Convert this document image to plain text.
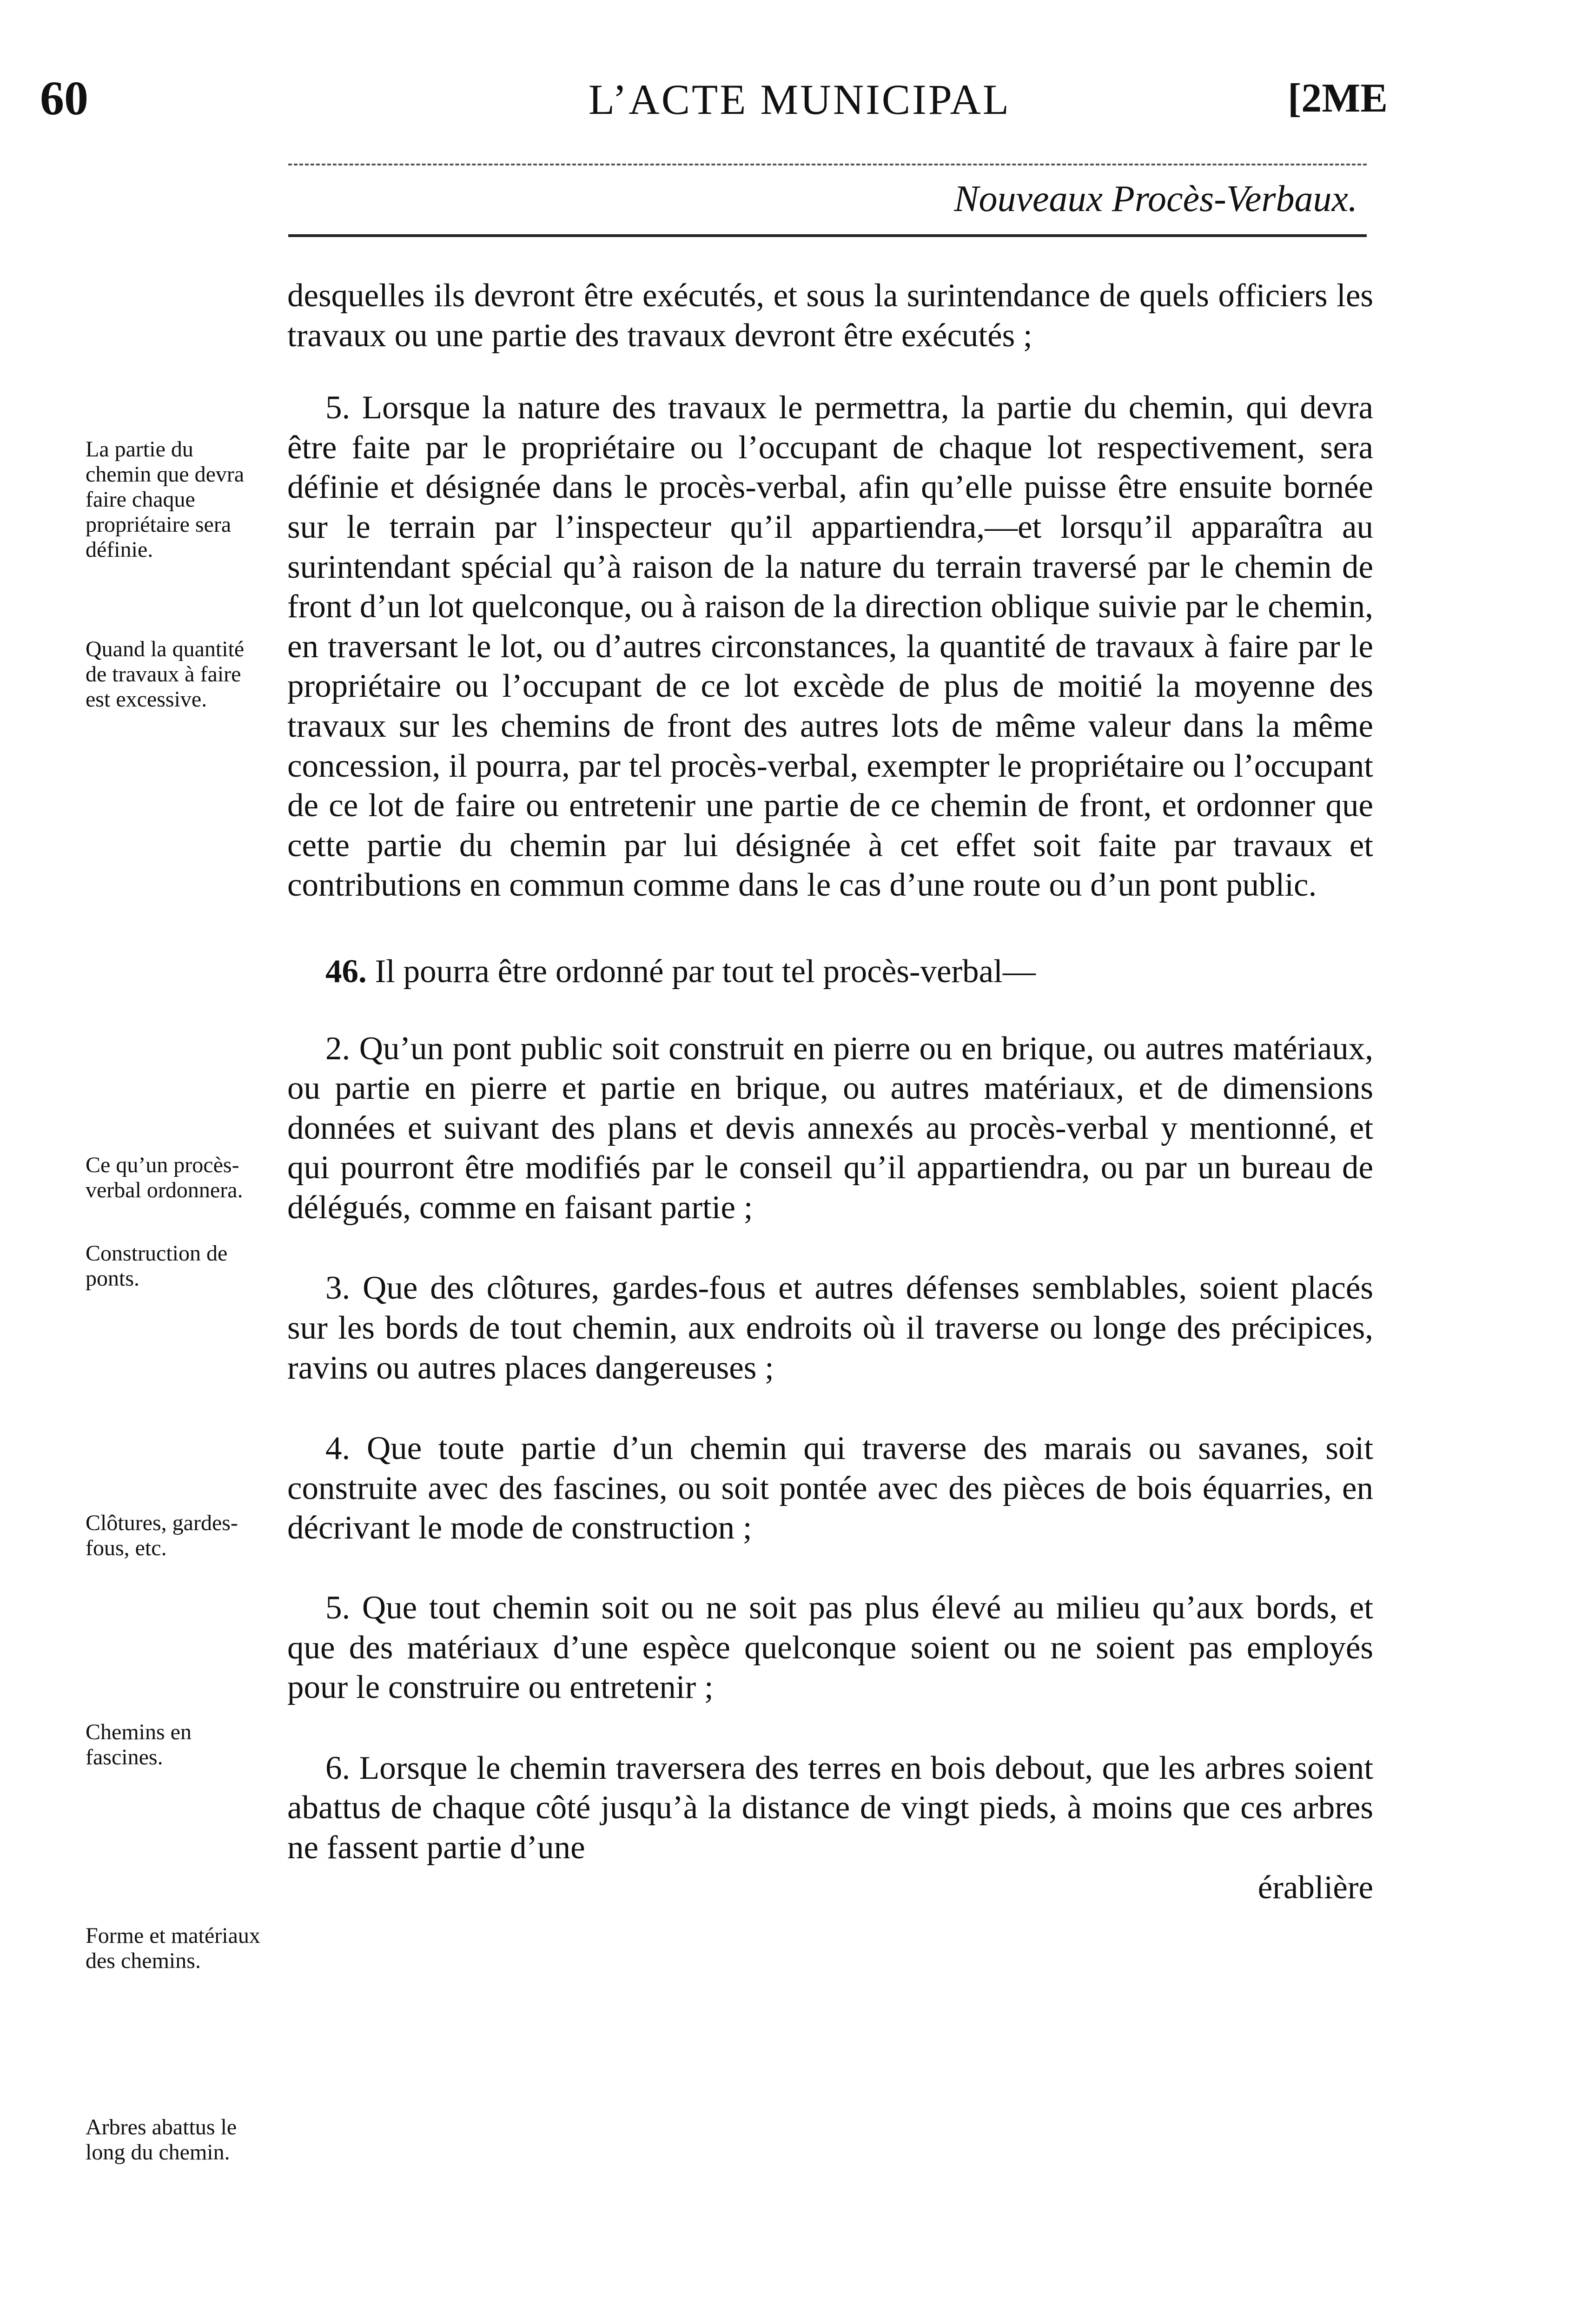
60	L’ACTE MUNICIPAL	[2ME
Nouveaux Procès-Verbaux.

desquelles ils devront être exécutés, et sous la surintendance de quels officiers les travaux ou une partie des travaux devront être exécutés ;

5. Lorsque la nature des travaux le permettra, la partie du chemin, qui devra être faite par le propriétaire ou l’occupant de chaque lot respectivement, sera définie et désignée dans le procès-verbal, afin qu’elle puisse être ensuite bornée sur le terrain par l’inspecteur qu’il appartiendra,—et lorsqu’il apparaîtra au surintendant spécial qu’à raison de la nature du terrain traversé par le chemin de front d’un lot quelconque, ou à raison de la direction oblique suivie par le chemin, en traversant le lot, ou d’autres circonstances, la quantité de travaux à faire par le propriétaire ou l’occupant de ce lot excède de plus de moitié la moyenne des travaux sur les chemins de front des autres lots de même valeur dans la même concession, il pourra, par tel procès-verbal, exempter le propriétaire ou l’occupant de ce lot de faire ou entretenir une partie de ce chemin de front, et ordonner que cette partie du chemin par lui désignée à cet effet soit faite par travaux et contributions en commun comme dans le cas d’une route ou d’un pont public.

46. Il pourra être ordonné par tout tel procès-verbal—

2. Qu’un pont public soit construit en pierre ou en brique, ou autres matériaux, ou partie en pierre et partie en brique, ou autres matériaux, et de dimensions données et suivant des plans et devis annexés au procès-verbal y mentionné, et qui pourront être modifiés par le conseil qu’il appartiendra, ou par un bureau de délégués, comme en faisant partie ;

3. Que des clôtures, gardes-fous et autres défenses semblables, soient placés sur les bords de tout chemin, aux endroits où il traverse ou longe des précipices, ravins ou autres places dangereuses ;

4. Que toute partie d’un chemin qui traverse des marais ou savanes, soit construite avec des fascines, ou soit pontée avec des pièces de bois équarries, en décrivant le mode de construction ;

5. Que tout chemin soit ou ne soit pas plus élevé au milieu qu’aux bords, et que des matériaux d’une espèce quelconque soient ou ne soient pas employés pour le construire ou entretenir ;

6. Lorsque le chemin traversera des terres en bois debout, que les arbres soient abattus de chaque côté jusqu’à la distance de vingt pieds, à moins que ces arbres ne fassent partie d’une
érablière

La partie du chemin que devra faire chaque propriétaire sera définie.
Quand la quantité de travaux à faire est excessive.
Ce qu’un procès-verbal ordonnera.
Construction de ponts.
Clôtures, gardes-fous, etc.
Chemins en fascines.
Forme et matériaux des chemins.
Arbres abattus le long du chemin.
